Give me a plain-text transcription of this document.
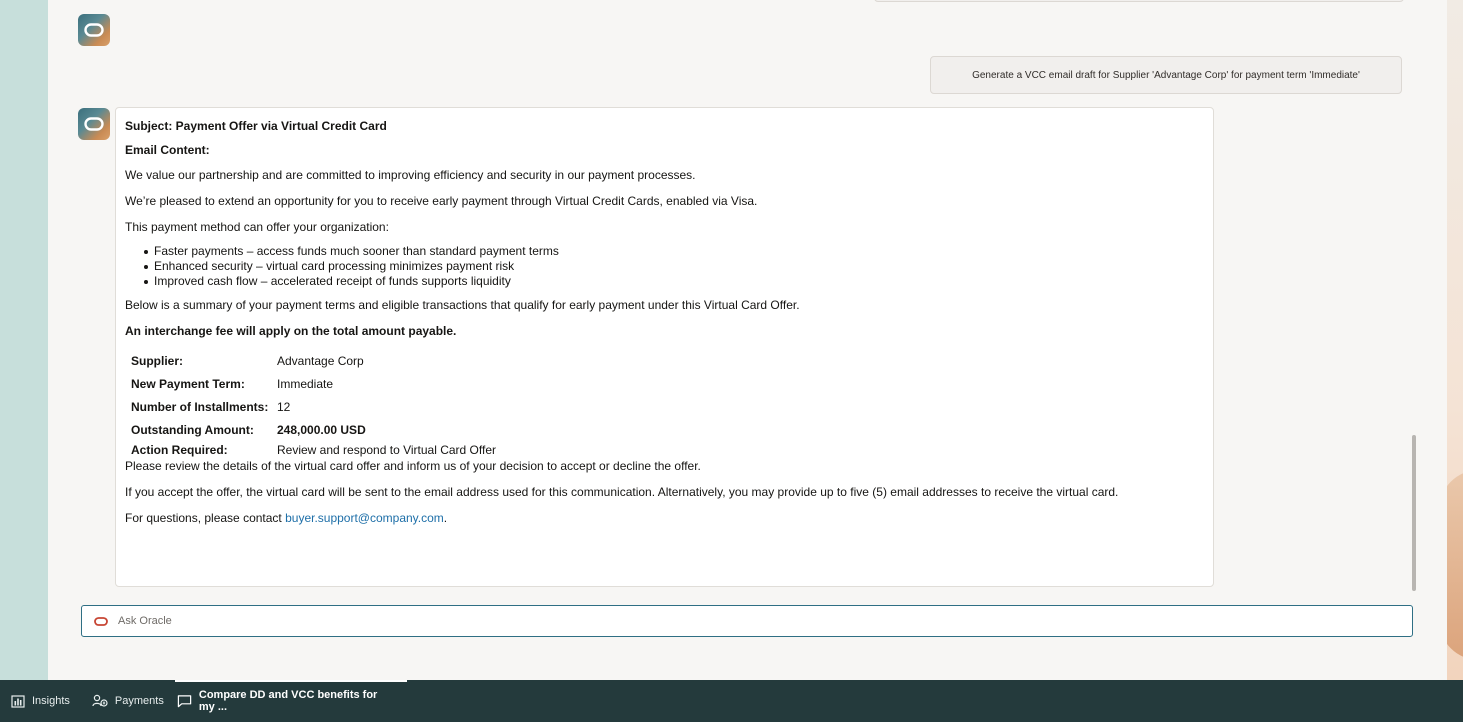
Generate a VCC email draft for Supplier 'Advantage Corp' for payment term 'Immediate'

Subject: Payment Offer via Virtual Credit Card

Email Content:

We value our partnership and are committed to improving efficiency and security in our payment processes.

We’re pleased to extend an opportunity for you to receive early payment through Virtual Credit Cards, enabled via Visa.

This payment method can offer your organization:

Faster payments – access funds much sooner than standard payment terms
Enhanced security – virtual card processing minimizes payment risk
Improved cash flow – accelerated receipt of funds supports liquidity

Below is a summary of your payment terms and eligible transactions that qualify for early payment under this Virtual Card Offer.

An interchange fee will apply on the total amount payable.

Supplier:	Advantage Corp
New Payment Term:	Immediate
Number of Installments:	12
Outstanding Amount:	248,000.00 USD
Action Required:	Review and respond to Virtual Card Offer

Please review the details of the virtual card offer and inform us of your decision to accept or decline the offer.

If you accept the offer, the virtual card will be sent to the email address used for this communication. Alternatively, you may provide up to five (5) email addresses to receive the virtual card.

For questions, please contact buyer.support@company.com.

Ask Oracle
Insights	Payments	Compare DD and VCC benefits for my ...
